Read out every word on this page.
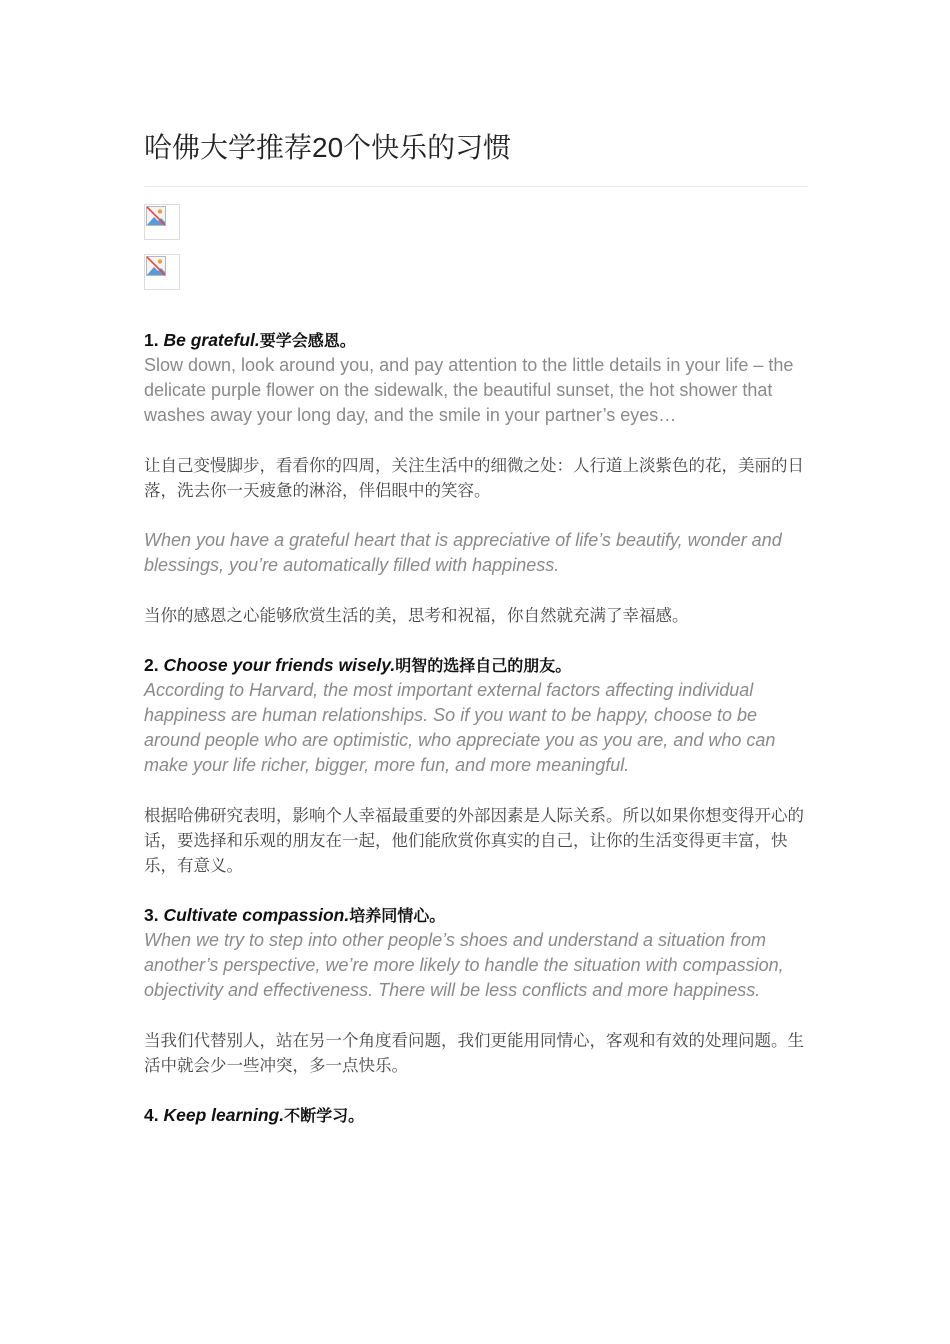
哈佛大学推荐20个快乐的习惯
1. Be grateful.要学会感恩。

Slow down, look around you, and pay attention to the little details in your life – the delicate purple flower on the sidewalk, the beautiful sunset, the hot shower that washes away your long day, and the smile in your partner’s eyes…

让自己变慢脚步，看看你的四周，关注生活中的细微之处：人行道上淡紫色的花，美丽的日落，洗去你一天疲惫的淋浴，伴侣眼中的笑容。

When you have a grateful heart that is appreciative of life’s beautify, wonder and blessings, you’re automatically filled with happiness.

当你的感恩之心能够欣赏生活的美，思考和祝福，你自然就充满了幸福感。

2. Choose your friends wisely.明智的选择自己的朋友。

According to Harvard, the most important external factors affecting individual happiness are human relationships. So if you want to be happy, choose to be around people who are optimistic, who appreciate you as you are, and who can make your life richer, bigger, more fun, and more meaningful.

根据哈佛研究表明，影响个人幸福最重要的外部因素是人际关系。所以如果你想变得开心的话，要选择和乐观的朋友在一起，他们能欣赏你真实的自己，让你的生活变得更丰富，快乐，有意义。

3. Cultivate compassion.培养同情心。

When we try to step into other people’s shoes and understand a situation from another’s perspective, we’re more likely to handle the situation with compassion, objectivity and effectiveness. There will be less conflicts and more happiness.

当我们代替别人，站在另一个角度看问题，我们更能用同情心，客观和有效的处理问题。生活中就会少一些冲突，多一点快乐。

4. Keep learning.不断学习。
